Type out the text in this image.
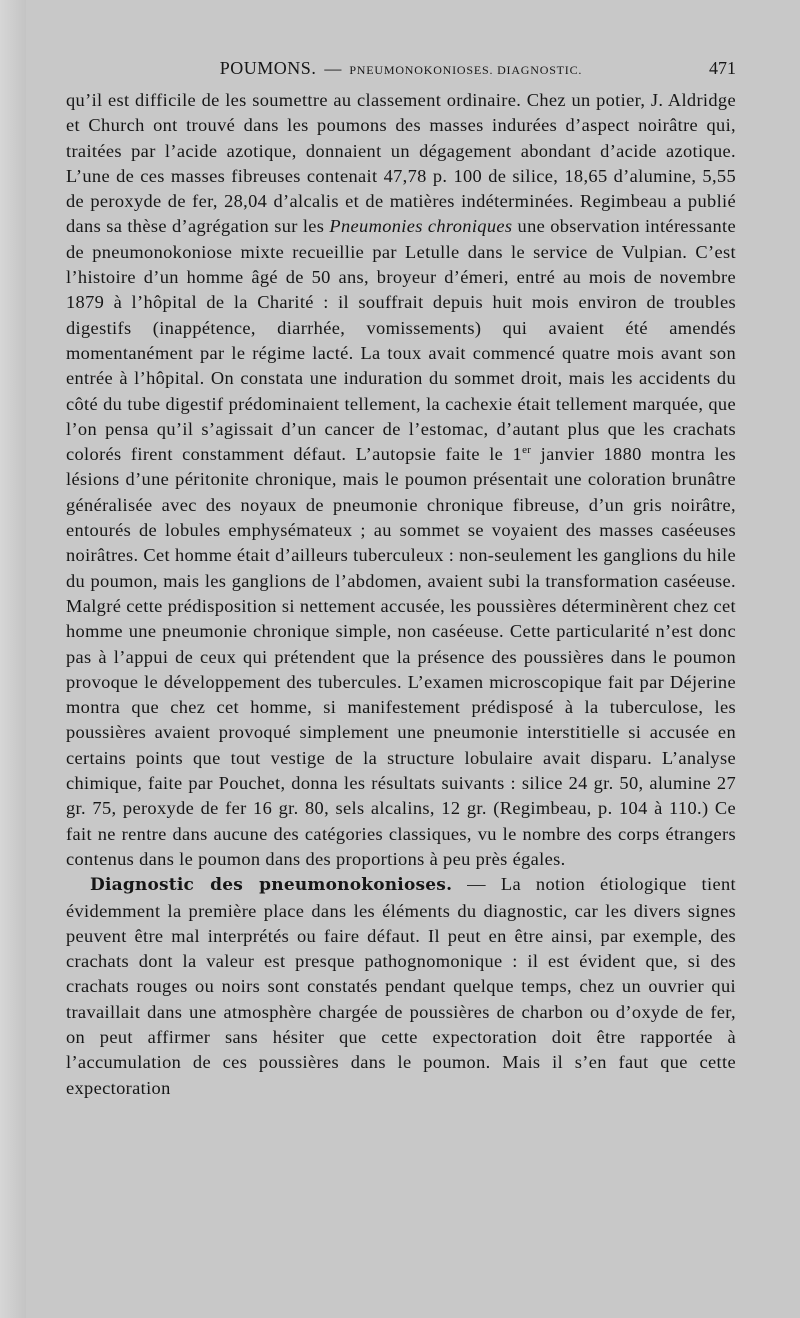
POUMONS. — PNEUMONOKONIOSES. DIAGNOSTIC.	471

qu’il est difficile de les soumettre au classement ordinaire. Chez un potier, J. Aldridge et Church ont trouvé dans les poumons des masses indurées d’aspect noirâtre qui, traitées par l’acide azotique, donnaient un dégagement abondant d’acide azotique. L’une de ces masses fibreuses contenait 47,78 p. 100 de silice, 18,65 d’alumine, 5,55 de peroxyde de fer, 28,04 d’alcalis et de matières indéterminées. Regimbeau a publié dans sa thèse d’agrégation sur les Pneumonies chroniques une observation intéressante de pneumonokoniose mixte recueillie par Letulle dans le service de Vulpian. C’est l’histoire d’un homme âgé de 50 ans, broyeur d’émeri, entré au mois de novembre 1879 à l’hôpital de la Charité : il souffrait depuis huit mois environ de troubles digestifs (inappétence, diarrhée, vomissements) qui avaient été amendés momentanément par le régime lacté. La toux avait commencé quatre mois avant son entrée à l’hôpital. On constata une induration du sommet droit, mais les accidents du côté du tube digestif prédominaient tellement, la cachexie était tellement marquée, que l’on pensa qu’il s’agissait d’un cancer de l’estomac, d’autant plus que les crachats colorés firent constamment défaut. L’autopsie faite le 1er janvier 1880 montra les lésions d’une péritonite chronique, mais le poumon présentait une coloration brunâtre généralisée avec des noyaux de pneumonie chronique fibreuse, d’un gris noirâtre, entourés de lobules emphysémateux ; au sommet se voyaient des masses caséeuses noirâtres. Cet homme était d’ailleurs tuberculeux : non-seulement les ganglions du hile du poumon, mais les ganglions de l’abdomen, avaient subi la transformation caséeuse. Malgré cette prédisposition si nettement accusée, les poussières déterminèrent chez cet homme une pneumonie chronique simple, non caséeuse. Cette particularité n’est donc pas à l’appui de ceux qui prétendent que la présence des poussières dans le poumon provoque le développement des tubercules. L’examen microscopique fait par Déjerine montra que chez cet homme, si manifestement prédisposé à la tuberculose, les poussières avaient provoqué simplement une pneumonie interstitielle si accusée en certains points que tout vestige de la structure lobulaire avait disparu. L’analyse chimique, faite par Pouchet, donna les résultats suivants : silice 24 gr. 50, alumine 27 gr. 75, peroxyde de fer 16 gr. 80, sels alcalins, 12 gr. (Regimbeau, p. 104 à 110.) Ce fait ne rentre dans aucune des catégories classiques, vu le nombre des corps étrangers contenus dans le poumon dans des proportions à peu près égales.

Diagnostic des pneumonokonioses. — La notion étiologique tient évidemment la première place dans les éléments du diagnostic, car les divers signes peuvent être mal interprétés ou faire défaut. Il peut en être ainsi, par exemple, des crachats dont la valeur est presque pathognomonique : il est évident que, si des crachats rouges ou noirs sont constatés pendant quelque temps, chez un ouvrier qui travaillait dans une atmosphère chargée de poussières de charbon ou d’oxyde de fer, on peut affirmer sans hésiter que cette expectoration doit être rapportée à l’accumulation de ces poussières dans le poumon. Mais il s’en faut que cette expectoration
